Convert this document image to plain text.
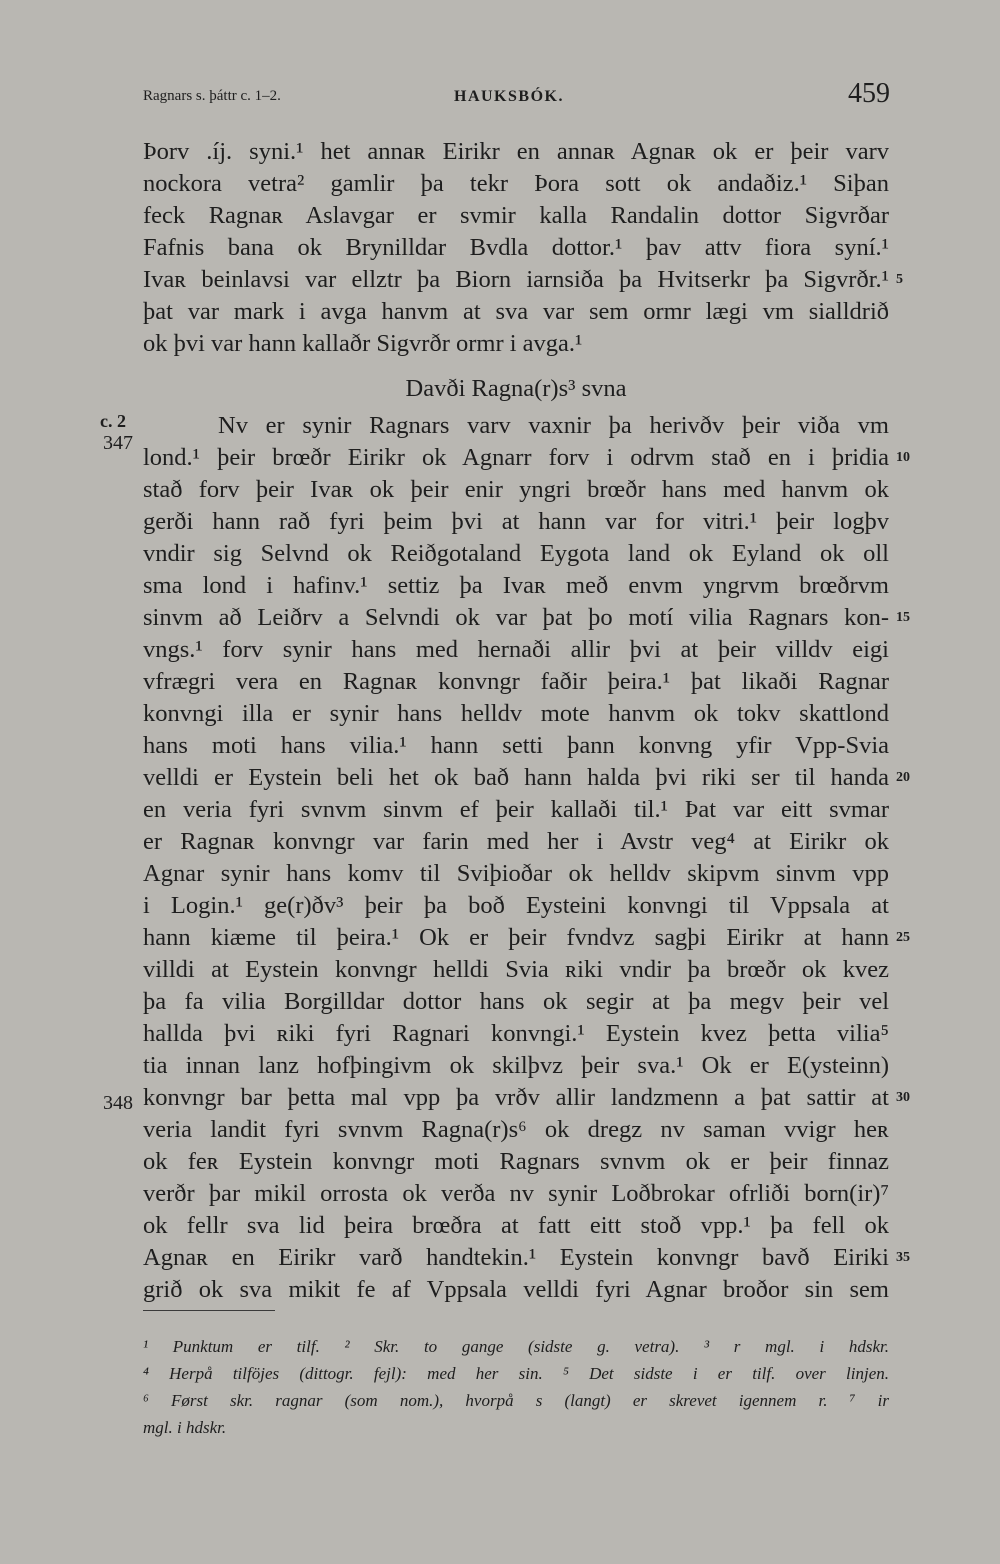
Ragnars s. þáttr c. 1–2.	HAUKSBÓK.	459
Þorv .íj. syni.¹ het annaʀ Eirikr en annaʀ Agnaʀ ok er þeir varv
nockora vetra² gamlir þa tekr Þora sott ok andaðiz.¹ Siþan
feck Ragnaʀ Aslavgar er svmir kalla Randalin dottor Sigvrðar
Fafnis bana ok Brynilldar Bvdla dottor.¹ þav attv fiora syní.¹
Ivaʀ beinlavsi var ellztr þa Biorn iarnsiða þa Hvitserkr þa Sigvrðr.¹
þat var mark i avga hanvm at sva var sem ormr lægi vm sialldrið
ok þvi var hann kallaðr Sigvrðr ormr i avga.¹
Davði Ragna(r)s³ svna
Nv er synir Ragnars varv vaxnir þa herivðv þeir viða vm
lond.¹ þeir brœðr Eirikr ok Agnarr forv i odrvm stað en i þridia
stað forv þeir Ivaʀ ok þeir enir yngri brœðr hans med hanvm ok
gerði hann rað fyri þeim þvi at hann var for vitri.¹ þeir logþv
vndir sig Selvnd ok Reiðgotaland Eygota land ok Eyland ok oll
sma lond i hafinv.¹ settiz þa Ivaʀ með envm yngrvm brœðrvm
sinvm að Leiðrv a Selvndi ok var þat þo motí vilia Ragnars kon-
vngs.¹ forv synir hans med hernaði allir þvi at þeir villdv eigi
vfrægri vera en Ragnaʀ konvngr faðir þeira.¹ þat likaði Ragnar
konvngi illa er synir hans helldv mote hanvm ok tokv skattlond
hans moti hans vilia.¹ hann setti þann konvng yfir Vpp-Svia
velldi er Eystein beli het ok bað hann halda þvi riki ser til handa
en veria fyri svnvm sinvm ef þeir kallaði til.¹ Þat var eitt svmar
er Ragnaʀ konvngr var farin med her i Avstr veg⁴ at Eirikr ok
Agnar synir hans komv til Sviþioðar ok helldv skipvm sinvm vpp
i Login.¹ ge(r)ðv³ þeir þa boð Eysteini konvngi til Vppsala at
hann kiæme til þeira.¹ Ok er þeir fvndvz sagþi Eirikr at hann
villdi at Eystein konvngr helldi Svia ʀiki vndir þa brœðr ok kvez
þa fa vilia Borgilldar dottor hans ok segir at þa megv þeir vel
hallda þvi ʀiki fyri Ragnari konvngi.¹ Eystein kvez þetta vilia⁵
tia innan lanz hofþingivm ok skilþvz þeir sva.¹ Ok er E(ysteinn)
konvngr bar þetta mal vpp þa vrðv allir landzmenn a þat sattir at
veria landit fyri svnvm Ragna(r)s⁶ ok dregz nv saman vvigr heʀ
ok feʀ Eystein konvngr moti Ragnars svnvm ok er þeir finnaz
verðr þar mikil orrosta ok verða nv synir Loðbrokar ofrliði born(ir)⁷
ok fellr sva lid þeira brœðra at fatt eitt stoð vpp.¹ þa fell ok
Agnaʀ en Eirikr varð handtekin.¹ Eystein konvngr bavð Eiriki
grið ok sva mikit fe af Vppsala velldi fyri Agnar broðor sin sem
5
10
15
20
25
30
35
c. 2
347
348
¹ Punktum er tilf. ² Skr. to gange (sidste g. vetra). ³ r mgl. i hdskr.
⁴ Herpå tilföjes (dittogr. fejl): med her sin. ⁵ Det sidste i er tilf. over linjen.
⁶ Først skr. ragnar (som nom.), hvorpå s (langt) er skrevet igennem r. ⁷ ir
mgl. i hdskr.
